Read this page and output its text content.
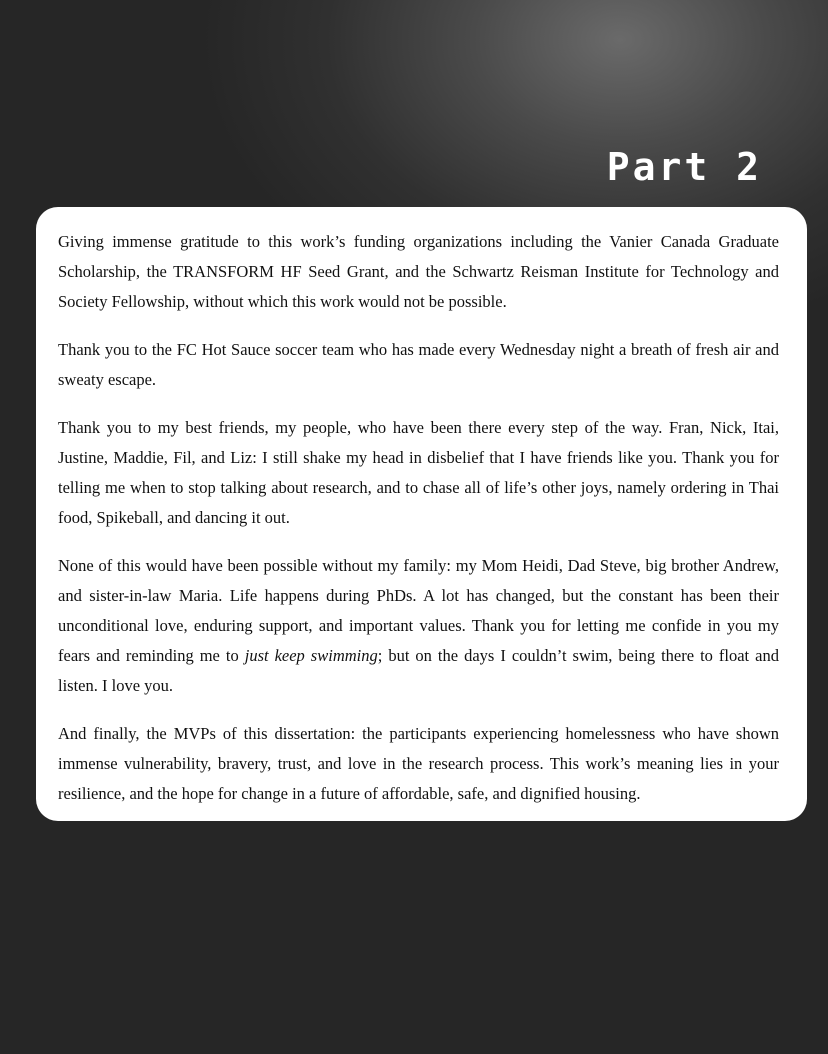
Part 2

Giving immense gratitude to this work’s funding organizations including the Vanier Canada Graduate Scholarship, the TRANSFORM HF Seed Grant, and the Schwartz Reisman Institute for Technology and Society Fellowship, without which this work would not be possible.

Thank you to the FC Hot Sauce soccer team who has made every Wednesday night a breath of fresh air and sweaty escape.

Thank you to my best friends, my people, who have been there every step of the way. Fran, Nick, Itai, Justine, Maddie, Fil, and Liz: I still shake my head in disbelief that I have friends like you. Thank you for telling me when to stop talking about research, and to chase all of life’s other joys, namely ordering in Thai food, Spikeball, and dancing it out.

None of this would have been possible without my family: my Mom Heidi, Dad Steve, big brother Andrew, and sister-in-law Maria. Life happens during PhDs. A lot has changed, but the constant has been their unconditional love, enduring support, and important values. Thank you for letting me confide in you my fears and reminding me to just keep swimming; but on the days I couldn’t swim, being there to float and listen. I love you.

And finally, the MVPs of this dissertation: the participants experiencing homelessness who have shown immense vulnerability, bravery, trust, and love in the research process. This work’s meaning lies in your resilience, and the hope for change in a future of affordable, safe, and dignified housing.
